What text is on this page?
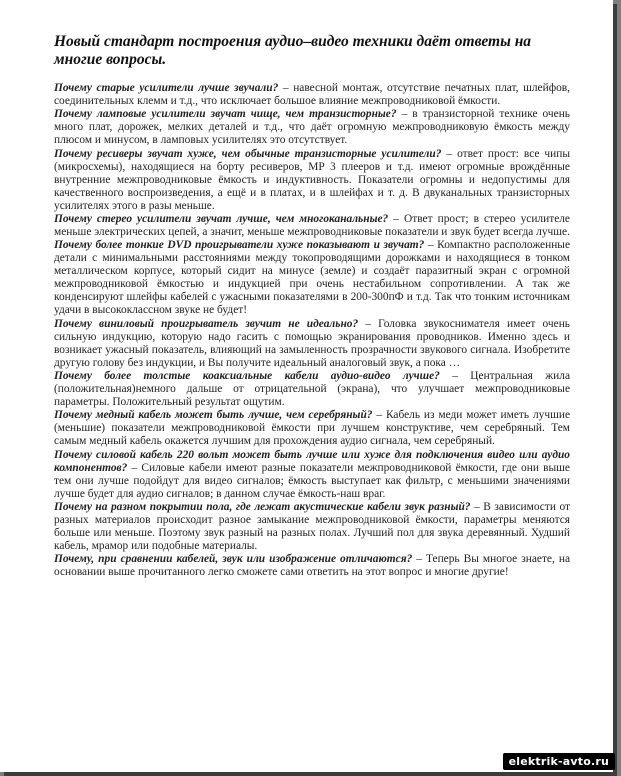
Новый стандарт построения аудио–видео техники даёт ответы на многие вопросы.

Почему старые усилители лучше звучали? – навесной монтаж, отсутствие печатных плат, шлейфов, соединительных клемм и т.д., что исключает большое влияние межпроводниковой ёмкости.

Почему ламповые усилители звучат чище, чем транзисторные? – в транзисторной технике очень много плат, дорожек, мелких деталей и т.д., что даёт огромную межпроводниковую ёмкость между плюсом и минусом, в ламповых усилителях это отсутствует.

Почему ресиверы звучат хуже, чем обычные транзисторные усилители? – ответ прост: все чипы (микросхемы), находящиеся на борту ресиверов, MP 3 плееров и т.д. имеют огромные врождённые внутренние межпроводниковые ёмкость и индуктивность. Показатели огромны и недопустимы для качественного воспроизведения, а ещё и в платах, и в шлейфах и т. д. В двуканальных транзисторных усилителях этого в разы меньше.

Почему стерео усилители звучат лучше, чем многоканальные? – Ответ прост; в стерео усилителе меньше электрических цепей, а значит, меньше межпроводниковые показатели и звук будет всегда лучше.

Почему более тонкие DVD проигрыватели хуже показывают и звучат? – Компактно расположенные детали с минимальными расстояниями между токопроводящими дорожками и находящиеся в тонком металлическом корпусе, который сидит на минусе (земле) и создаёт паразитный экран с огромной межпроводниковой ёмкостью и индукцией при очень нестабильном сопротивлении. А так же конденсируют шлейфы кабелей с ужасными показателями в 200-300пФ и т.д. Так что тонким источникам удачи в высококлассном звуке не будет!

Почему виниловый проигрыватель звучит не идеально? – Головка звукоснимателя имеет очень сильную индукцию, которую надо гасить с помощью экранирования проводников. Именно здесь и возникает ужасный показатель, влияющий на замыленность прозрачности звукового сигнала. Изобретите другую голову без индукции, и Вы получите идеальный аналоговый звук, а пока …

Почему более толстые коаксиальные кабели аудио-видео лучше? – Центральная жила (положительная)немного дальше от отрицательной (экрана), что улучшает межпроводниковые параметры. Положительный результат ощутим.

Почему медный кабель может быть лучше, чем серебряный? – Кабель из меди может иметь лучшие (меньшие) показатели межпроводниковой ёмкости при лучшем конструктиве, чем серебряный. Тем самым медный кабель окажется лучшим для прохождения аудио сигнала, чем серебряный.

Почему силовой кабель 220 вольт может быть лучше или хуже для подключения видео или аудио компонентов? – Силовые кабели имеют разные показатели межпроводниковой ёмкости, где они выше тем они лучше подойдут для видео сигналов; ёмкость выступает как фильтр, с меньшими значениями лучше будет для аудио сигналов; в данном случае ёмкость-наш враг.

Почему на разном покрытии пола, где лежат акустические кабели звук разный? – В зависимости от разных материалов происходит разное замыкание межпроводниковой ёмкости, параметры меняются больше или меньше. Поэтому звук разный на разных полах. Лучший пол для звука деревянный. Худший кабель, мрамор или подобные материалы.

Почему, при сравнении кабелей, звук или изображение отличаются? – Теперь Вы многое знаете, на основании выше прочитанного легко сможете сами ответить на этот вопрос и многие другие!

elektrik-avto.ru
